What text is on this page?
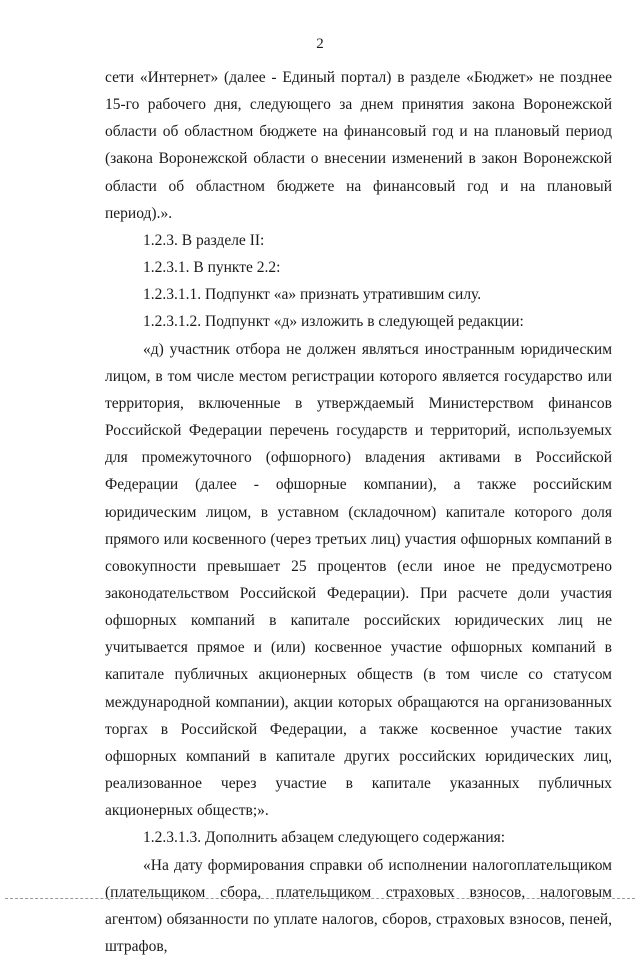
2

сети «Интернет» (далее - Единый портал) в разделе «Бюджет» не позднее 15-го рабочего дня, следующего за днем принятия закона Воронежской области об областном бюджете на финансовый год и на плановый период (закона Воронежской области о внесении изменений в закон Воронежской области об областном бюджете на финансовый год и на плановый период).».

1.2.3. В разделе II:

1.2.3.1. В пункте 2.2:

1.2.3.1.1. Подпункт «а» признать утратившим силу.

1.2.3.1.2. Подпункт «д» изложить в следующей редакции:

«д) участник отбора не должен являться иностранным юридическим лицом, в том числе местом регистрации которого является государство или территория, включенные в утверждаемый Министерством финансов Российской Федерации перечень государств и территорий, используемых для промежуточного (офшорного) владения активами в Российской Федерации (далее - офшорные компании), а также российским юридическим лицом, в уставном (складочном) капитале которого доля прямого или косвенного (через третьих лиц) участия офшорных компаний в совокупности превышает 25 процентов (если иное не предусмотрено законодательством Российской Федерации). При расчете доли участия офшорных компаний в капитале российских юридических лиц не учитывается прямое и (или) косвенное участие офшорных компаний в капитале публичных акционерных обществ (в том числе со статусом международной компании), акции которых обращаются на организованных торгах в Российской Федерации, а также косвенное участие таких офшорных компаний в капитале других российских юридических лиц, реализованное через участие в капитале указанных публичных акционерных обществ;».

1.2.3.1.3. Дополнить абзацем следующего содержания:

«На дату формирования справки об исполнении налогоплательщиком (плательщиком сбора, плательщиком страховых взносов, налоговым агентом) обязанности по уплате налогов, сборов, страховых взносов, пеней, штрафов,
